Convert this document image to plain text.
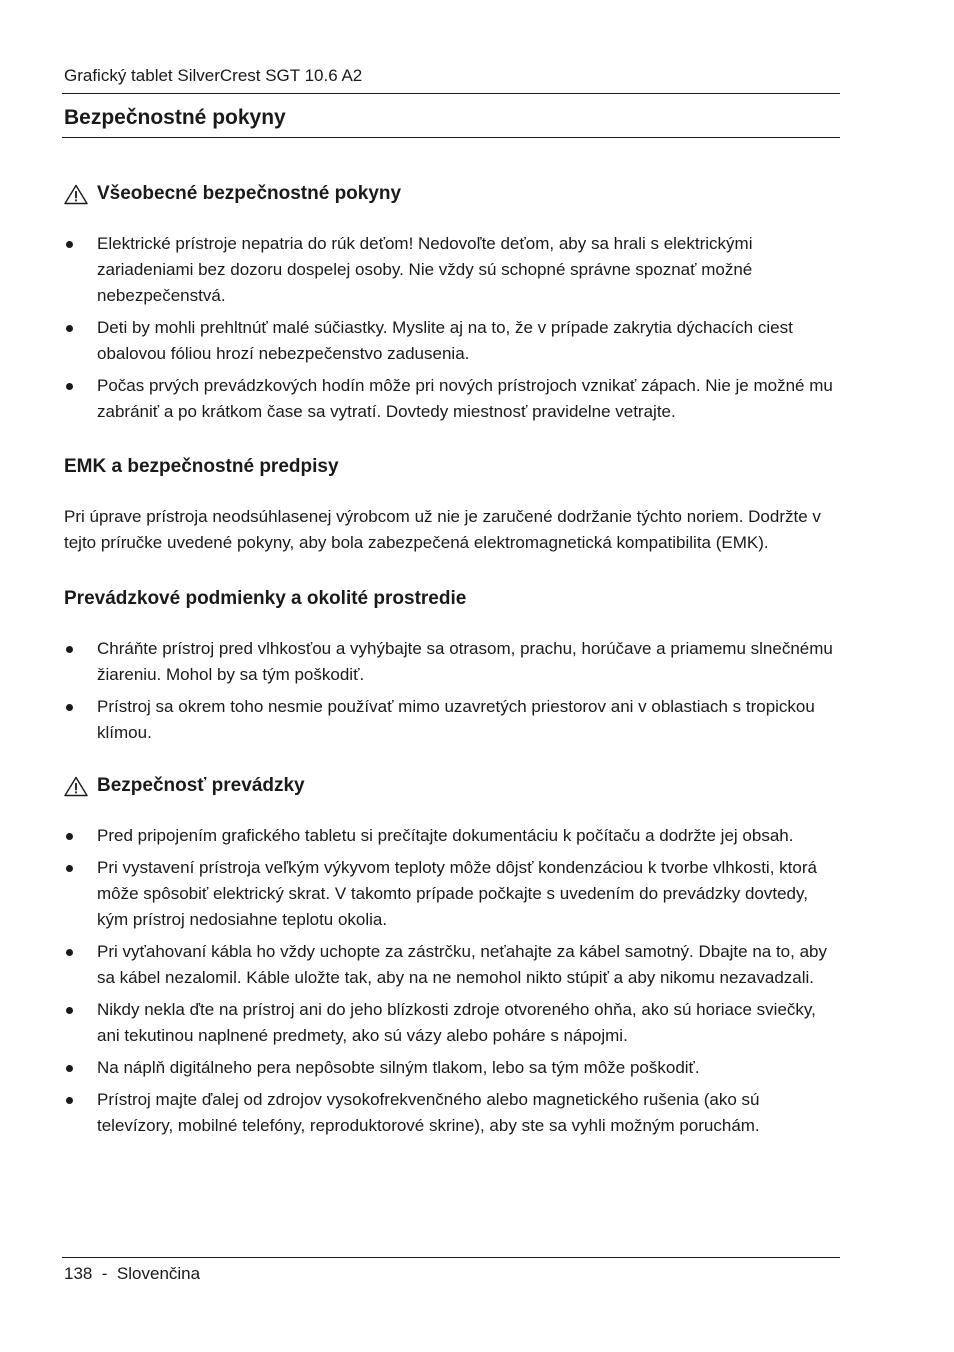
Grafický tablet SilverCrest SGT 10.6 A2
Bezpečnostné pokyny
Všeobecné bezpečnostné pokyny
Elektrické prístroje nepatria do rúk deťom! Nedovoľte deťom, aby sa hrali s elektrickými zariadeniami bez dozoru dospelej osoby. Nie vždy sú schopné správne spoznať možné nebezpečenstvá.
Deti by mohli prehltnúť malé súčiastky. Myslite aj na to, že v prípade zakrytia dýchacích ciest obalovou fóliou hrozí nebezpečenstvo zadusenia.
Počas prvých prevádzkových hodín môže pri nových prístrojoch vznikať zápach. Nie je možné mu zabrániť a po krátkom čase sa vytratí. Dovtedy miestnosť pravidelne vetrajte.
EMK a bezpečnostné predpisy

Pri úprave prístroja neodsúhlasenej výrobcom už nie je zaručené dodržanie týchto noriem. Dodržte v tejto príručke uvedené pokyny, aby bola zabezpečená elektromagnetická kompatibilita (EMK).

Prevádzkové podmienky a okolité prostredie
Chráňte prístroj pred vlhkosťou a vyhýbajte sa otrasom, prachu, horúčave a priamemu slnečnému žiareniu. Mohol by sa tým poškodiť.
Prístroj sa okrem toho nesmie používať mimo uzavretých priestorov ani v oblastiach s tropickou klímou.
Bezpečnosť prevádzky
Pred pripojením grafického tabletu si prečítajte dokumentáciu k počítaču a dodržte jej obsah.
Pri vystavení prístroja veľkým výkyvom teploty môže dôjsť kondenzáciou k tvorbe vlhkosti, ktorá môže spôsobiť elektrický skrat. V takomto prípade počkajte s uvedením do prevádzky dovtedy, kým prístroj nedosiahne teplotu okolia.
Pri vyťahovaní kábla ho vždy uchopte za zástrčku, neťahajte za kábel samotný. Dbajte na to, aby sa kábel nezalomil. Káble uložte tak, aby na ne nemohol nikto stúpiť a aby nikomu nezavadzali.
Nikdy nekla ďte na prístroj ani do jeho blízkosti zdroje otvoreného ohňa, ako sú horiace sviečky, ani tekutinou naplnené predmety, ako sú vázy alebo poháre s nápojmi.
Na náplň digitálneho pera nepôsobte silným tlakom, lebo sa tým môže poškodiť.
Prístroj majte ďalej od zdrojov vysokofrekvenčného alebo magnetického rušenia (ako sú televízory, mobilné telefóny, reproduktorové skrine), aby ste sa vyhli možným poruchám.
138  -  Slovenčina
